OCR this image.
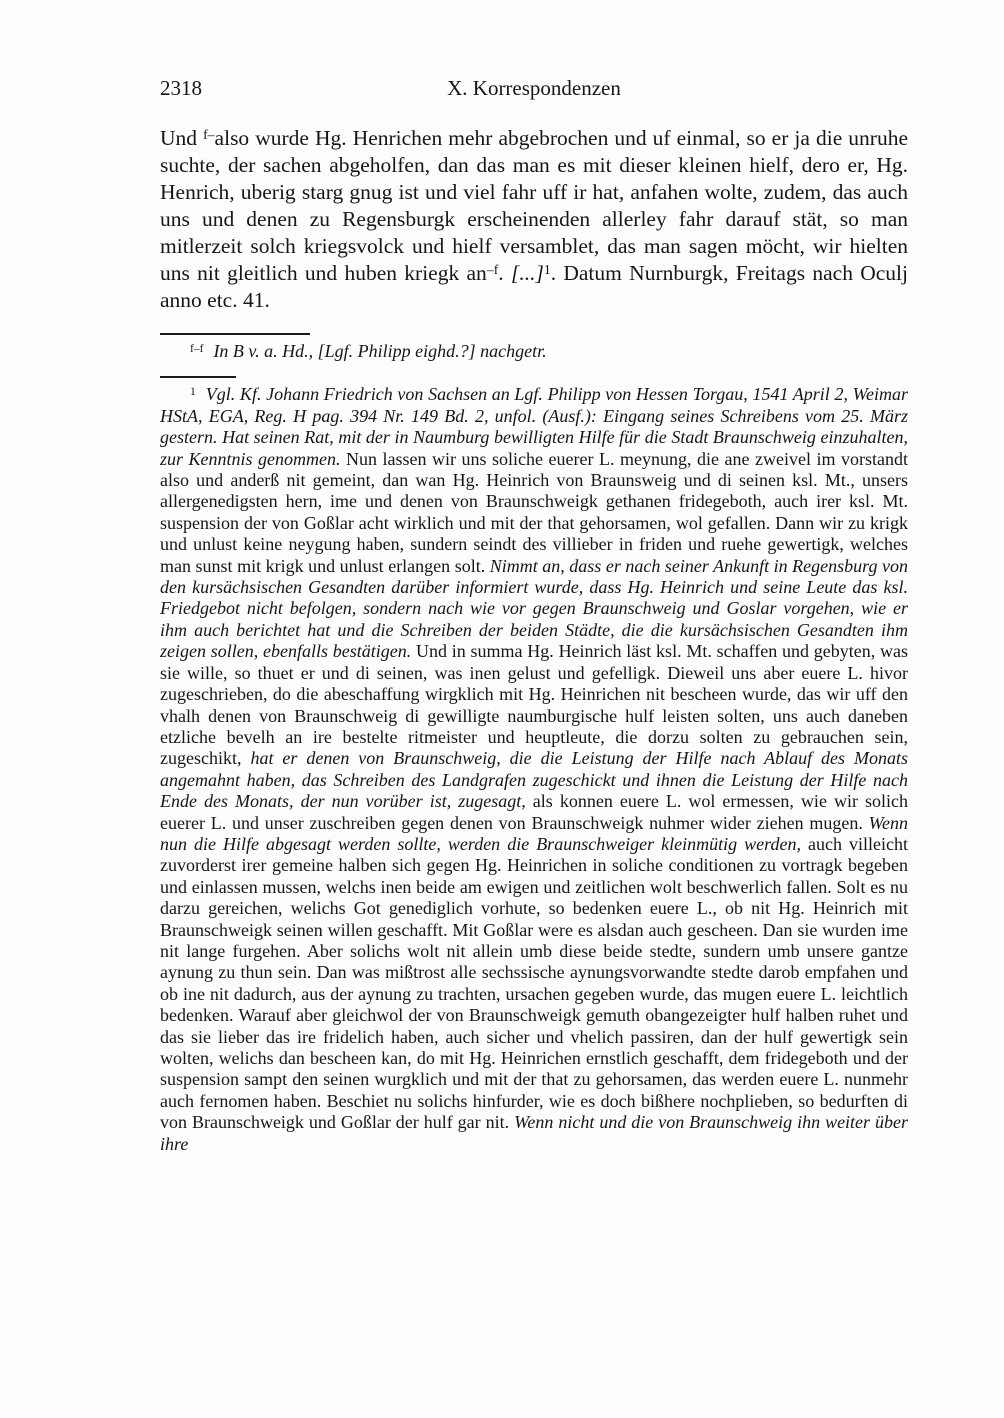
2318	X. Korrespondenzen

Und $^{f-}$also wurde Hg. Henrichen mehr abgebrochen und uf einmal, so er ja die unruhe suchte, der sachen abgeholfen, dan das man es mit dieser kleinen hielf, dero er, Hg. Henrich, uberig starg gnug ist und viel fahr uff ir hat, anfahen wolte, zudem, das auch uns und denen zu Regensburgk erscheinenden allerley fahr darauf stät, so man mitlerzeit solch kriegsvolck und hielf versamblet, das man sagen möcht, wir hielten uns nit gleitlich und huben kriegk $an^{-f}$. [...]$^1$. Datum Nurnburgk, Freitags nach Oculj anno etc. 41.

$^{f-f}$ In B v. a. Hd., [Lgf. Philipp eighd.?] nachgetr.

$^1$ Vgl. Kf. Johann Friedrich von Sachsen an Lgf. Philipp von Hessen Torgau, 1541 April 2, Weimar HStA, EGA, Reg. H pag. 394 Nr. 149 Bd. 2, unfol. (Ausf.): Eingang seines Schreibens vom 25. März gestern. Hat seinen Rat, mit der in Naumburg bewilligten Hilfe für die Stadt Braunschweig einzuhalten, zur Kenntnis genommen. Nun lassen wir uns soliche euerer L. meynung, die ane zweivel im vorstandt also und anderß nit gemeint, dan wan Hg. Heinrich von Braunsweig und di seinen ksl. Mt., unsers allergenedigsten hern, ime und denen von Braunschweigk gethanen fridegeboth, auch irer ksl. Mt. suspension der von Goßlar acht wirklich und mit der that gehorsamen, wol gefallen. Dann wir zu krigk und unlust keine neygung haben, sundern seindt des villieber in friden und ruehe gewertigk, welches man sunst mit krigk und unlust erlangen solt. Nimmt an, dass er nach seiner Ankunft in Regensburg von den kursächsischen Gesandten darüber informiert wurde, dass Hg. Heinrich und seine Leute das ksl. Friedgebot nicht befolgen, sondern nach wie vor gegen Braunschweig und Goslar vorgehen, wie er ihm auch berichtet hat und die Schreiben der beiden Städte, die die kursächsischen Gesandten ihm zeigen sollen, ebenfalls bestätigen. Und in summa Hg. Heinrich läst ksl. Mt. schaffen und gebyten, was sie wille, so thuet er und di seinen, was inen gelust und gefelligk. Dieweil uns aber euere L. hivor zugeschrieben, do die abeschaffung wirgklich mit Hg. Heinrichen nit bescheen wurde, das wir uff den vhalh denen von Braunschweig di gewilligte naumburgische hulf leisten solten, uns auch daneben etzliche bevelh an ire bestelte ritmeister und heuptleute, die dorzu solten zu gebrauchen sein, zugeschikt, hat er denen von Braunschweig, die die Leistung der Hilfe nach Ablauf des Monats angemahnt haben, das Schreiben des Landgrafen zugeschickt und ihnen die Leistung der Hilfe nach Ende des Monats, der nun vorüber ist, zugesagt, als konnen euere L. wol ermessen, wie wir solich euerer L. und unser zuschreiben gegen denen von Braunschweigk nuhmer wider ziehen mugen. Wenn nun die Hilfe abgesagt werden sollte, werden die Braunschweiger kleinmütig werden, auch villeicht zuvorderst irer gemeine halben sich gegen Hg. Heinrichen in soliche conditionen zu vortragk begeben und einlassen mussen, welchs inen beide am ewigen und zeitlichen wolt beschwerlich fallen. Solt es nu darzu gereichen, welichs Got genediglich vorhute, so bedenken euere L., ob nit Hg. Heinrich mit Braunschweigk seinen willen geschafft. Mit Goßlar were es alsdan auch gescheen. Dan sie wurden ime nit lange furgehen. Aber solichs wolt nit allein umb diese beide stedte, sundern umb unsere gantze aynung zu thun sein. Dan was mißtrost alle sechssische aynungsvorwandte stedte darob empfahen und ob ine nit dadurch, aus der aynung zu trachten, ursachen gegeben wurde, das mugen euere L. leichtlich bedenken. Warauf aber gleichwol der von Braunschweigk gemuth obangezeigter hulf halben ruhet und das sie lieber das ire fridelich haben, auch sicher und vhelich passiren, dan der hulf gewertigk sein wolten, welichs dan bescheen kan, do mit Hg. Heinrichen ernstlich geschafft, dem fridegeboth und der suspension sampt den seinen wurgklich und mit der that zu gehorsamen, das werden euere L. nunmehr auch fernomen haben. Beschiet nu solichs hinfurder, wie es doch bißhere nochplieben, so bedurften di von Braunschweigk und Goßlar der hulf gar nit. Wenn nicht und die von Braunschweig ihn weiter über ihre
